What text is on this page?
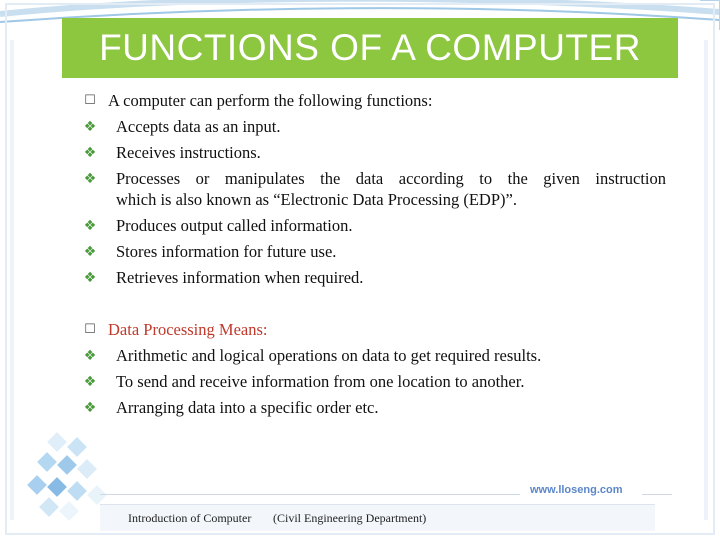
FUNCTIONS OF A COMPUTER
☐ A computer can perform the following functions:
❖ Accepts data as an input.
❖ Receives instructions.
❖ Processes or manipulates the data according to the given instruction
which is also known as “Electronic Data Processing (EDP)”.
❖ Produces output called information.
❖ Stores information for future use.
❖ Retrieves information when required.
☐ Data Processing Means:
❖ Arithmetic and logical operations on data to get required results.
❖ To send and receive information from one location to another.
❖ Arranging data into a specific order etc.
www.lloseng.com
Introduction of Computer (Civil Engineering Department)
